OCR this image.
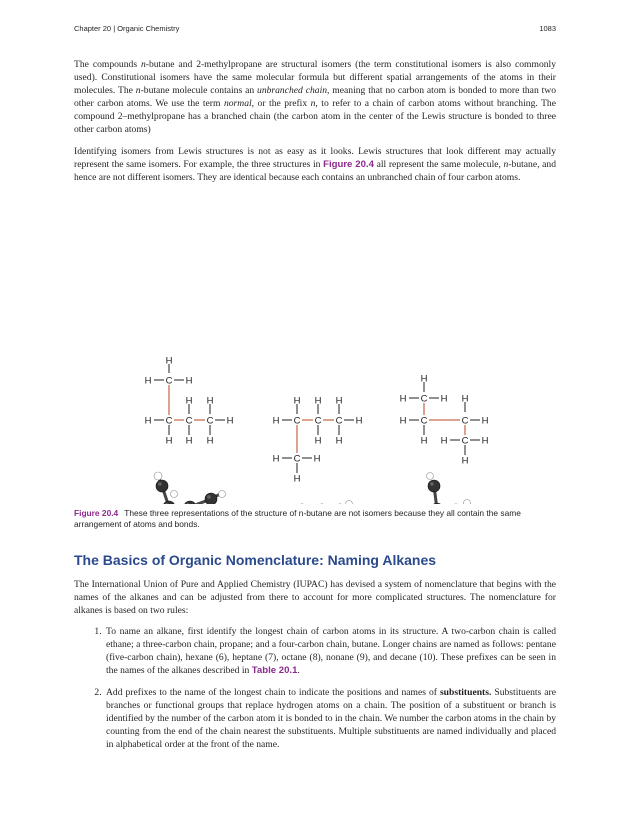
Chapter 20 | Organic Chemistry	1083

The compounds n-butane and 2-methylpropane are structural isomers (the term constitutional isomers is also commonly used). Constitutional isomers have the same molecular formula but different spatial arrangements of the atoms in their molecules. The n-butane molecule contains an unbranched chain, meaning that no carbon atom is bonded to more than two other carbon atoms. We use the term normal, or the prefix n, to refer to a chain of carbon atoms without branching. The compound 2–methylpropane has a branched chain (the carbon atom in the center of the Lewis structure is bonded to three other carbon atoms)

Identifying isomers from Lewis structures is not as easy as it looks. Lewis structures that look different may actually represent the same isomers. For example, the three structures in Figure 20.4 all represent the same molecule, n-butane, and hence are not different isomers. They are identical because each contains an unbranched chain of four carbon atoms.

H
C
H	H
H H
H C C C H
H H H
H H H
H C C C H
H H
H C H
H
H
H C H H
H C	C H
H H C H
H
Figure 20.4 These three representations of the structure of n-butane are not isomers because they all contain the same arrangement of atoms and bonds.
The Basics of Organic Nomenclature: Naming Alkanes

The International Union of Pure and Applied Chemistry (IUPAC) has devised a system of nomenclature that begins with the names of the alkanes and can be adjusted from there to account for more complicated structures. The nomenclature for alkanes is based on two rules:

1. To name an alkane, first identify the longest chain of carbon atoms in its structure. A two-carbon chain is called ethane; a three-carbon chain, propane; and a four-carbon chain, butane. Longer chains are named as follows: pentane (five-carbon chain), hexane (6), heptane (7), octane (8), nonane (9), and decane (10). These prefixes can be seen in the names of the alkanes described in Table 20.1.
2. Add prefixes to the name of the longest chain to indicate the positions and names of substituents. Substituents are branches or functional groups that replace hydrogen atoms on a chain. The position of a substituent or branch is identified by the number of the carbon atom it is bonded to in the chain. We number the carbon atoms in the chain by counting from the end of the chain nearest the substituents. Multiple substituents are named individually and placed in alphabetical order at the front of the name.
